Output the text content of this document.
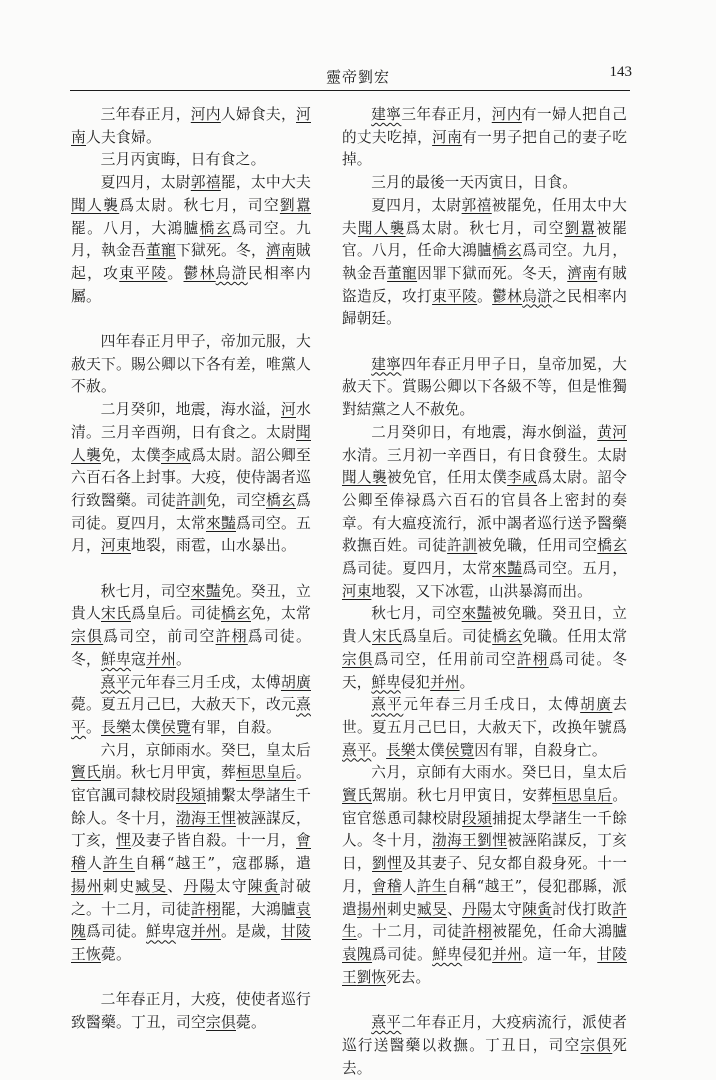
靈帝劉宏	143

三年春正月，河内人婦食夫，河南人夫食婦。

三月丙寅晦，日有食之。

夏四月，太尉郭禧罷，太中大夫聞人襲爲太尉。秋七月，司空劉囂罷。八月，大鴻臚橋玄爲司空。九月，執金吾董寵下獄死。冬，濟南賊起，攻東平陵。鬱林烏滸民相率内屬。

四年春正月甲子，帝加元服，大赦天下。賜公卿以下各有差，唯黨人不赦。

二月癸卯，地震，海水溢，河水清。三月辛酉朔，日有食之。太尉聞人襲免，太僕李咸爲太尉。詔公卿至六百石各上封事。大疫，使侍謁者巡行致醫藥。司徒許訓免，司空橋玄爲司徒。夏四月，太常來豔爲司空。五月，河東地裂，雨雹，山水暴出。

秋七月，司空來豔免。癸丑，立貴人宋氏爲皇后。司徒橋玄免，太常宗俱爲司空，前司空許栩爲司徒。冬，鮮卑寇并州。

熹平元年春三月壬戌，太傅胡廣薨。夏五月己巳，大赦天下，改元熹平。長樂太僕侯覽有罪，自殺。

六月，京師雨水。癸巳，皇太后竇氏崩。秋七月甲寅，葬桓思皇后。宦官諷司隸校尉段熲捕繫太學諸生千餘人。冬十月，渤海王悝被誣謀反，丁亥，悝及妻子皆自殺。十一月，會稽人許生自稱“越王”，寇郡縣，遣揚州刺史臧旻、丹陽太守陳夤討破之。十二月，司徒許栩罷，大鴻臚袁隗爲司徒。鮮卑寇并州。是歲，甘陵王恢薨。

二年春正月，大疫，使使者巡行致醫藥。丁丑，司空宗俱薨。

建寧三年春正月，河内有一婦人把自己的丈夫吃掉，河南有一男子把自己的妻子吃掉。

三月的最後一天丙寅日，日食。

夏四月，太尉郭禧被罷免，任用太中大夫聞人襲爲太尉。秋七月，司空劉囂被罷官。八月，任命大鴻臚橋玄爲司空。九月，執金吾董寵因罪下獄而死。冬天，濟南有賊盜造反，攻打東平陵。鬱林烏滸之民相率内歸朝廷。

建寧四年春正月甲子日，皇帝加冕，大赦天下。賞賜公卿以下各級不等，但是惟獨對結黨之人不赦免。

二月癸卯日，有地震，海水倒溢，黄河水清。三月初一辛酉日，有日食發生。太尉聞人襲被免官，任用太僕李咸爲太尉。詔令公卿至俸禄爲六百石的官員各上密封的奏章。有大瘟疫流行，派中謁者巡行送予醫藥救撫百姓。司徒許訓被免職，任用司空橋玄爲司徒。夏四月，太常來豔爲司空。五月，河東地裂，又下冰雹，山洪暴瀉而出。

秋七月，司空來豔被免職。癸丑日，立貴人宋氏爲皇后。司徒橋玄免職。任用太常宗俱爲司空，任用前司空許栩爲司徒。冬天，鮮卑侵犯并州。

熹平元年春三月壬戌日，太傅胡廣去世。夏五月己巳日，大赦天下，改换年號爲熹平。長樂太僕侯覽因有罪，自殺身亡。

六月，京師有大雨水。癸巳日，皇太后竇氏駕崩。秋七月甲寅日，安葬桓思皇后。宦官慫恿司隸校尉段熲捕捉太學諸生一千餘人。冬十月，渤海王劉悝被誣陷謀反，丁亥日，劉悝及其妻子、兒女都自殺身死。十一月，會稽人許生自稱“越王”，侵犯郡縣，派遣揚州刺史臧旻、丹陽太守陳夤討伐打敗許生。十二月，司徒許栩被罷免，任命大鴻臚袁隗爲司徒。鮮卑侵犯并州。這一年，甘陵王劉恢死去。

熹平二年春正月，大疫病流行，派使者巡行送醫藥以救撫。丁丑日，司空宗俱死去。
